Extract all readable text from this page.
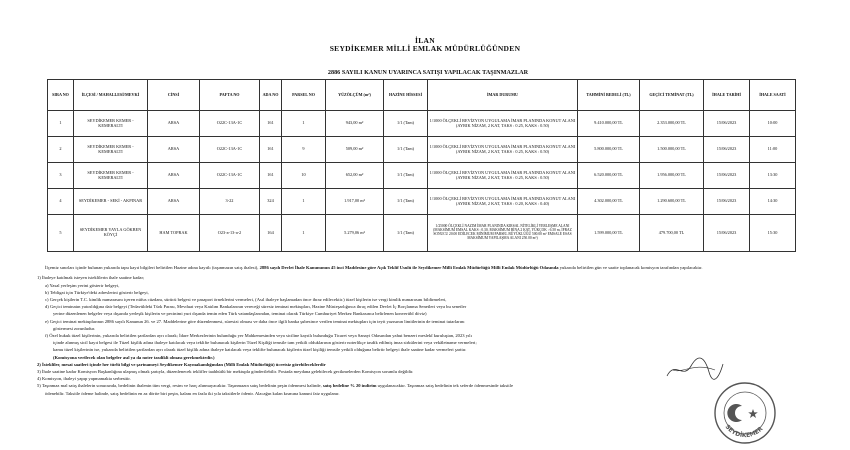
İLAN
SEYDİKEMER MİLLİ EMLAK MÜDÜRLÜĞÜNDEN
2886 SAYILI KANUN UYARINCA SATIŞI YAPILACAK TAŞINMAZLAR
SIRA NO	İLÇESİ / MAHALLESİ/MEVKİ	CİNSİ	PAFTA NO	ADA NO	PARSEL NO	YÜZÖLÇÜM (m²)	HAZİNE HİSSESİ	İMAR DURUMU	TAHMİNİ BEDELİ (TL)	GEÇİCİ TEMİNAT (TL)	İHALE TARİHİ	İHALE SAATİ
1	SEYDİKEMER KEMER - KEMERALTI	ARSA	O22C-13A-1C	161	1	943,00 m²	1/1 (Tam)	1/1000 ÖLÇEKLİ REVİZYON UYGULAMA İMAR PLANINDA KONUT ALANI (AYRIK NİZAM, 2 KAT, TAKS : 0.25, KAKS : 0.50)	9.410.000,00 TL	2.353.000,00 TL	15/06/2023	10:00
2	SEYDİKEMER KEMER - KEMERALTI	ARSA	O22C-13A-1C	161	9	509,00 m²	1/1 (Tam)	1/1000 ÖLÇEKLİ REVİZYON UYGULAMA İMAR PLANINDA KONUT ALANI (AYRIK NİZAM, 2 KAT, TAKS : 0.25, KAKS : 0.50)	5.800.000,00 TL	1.500.000,00 TL	15/06/2023	11:00
3	SEYDİKEMER KEMER - KEMERALTI	ARSA	O22C-13A-1C	161	10	652,00 m²	1/1 (Tam)	1/1000 ÖLÇEKLİ REVİZYON UYGULAMA İMAR PLANINDA KONUT ALANI (AYRIK NİZAM, 2 KAT, TAKS : 0.25, KAKS : 0.50)	6.520.000,00 TL	1.956.000,00 TL	15/06/2023	13:30
4	SEYDİKEMER - SEKİ - AKPINAR	ARSA	3-22	324	1	1.917,00 m²	1/1 (Tam)	1/1000 ÖLÇEKLİ REVİZYON UYGULAMA İMAR PLANINDA KONUT ALANI (AYRIK NİZAM, 2 KAT, TAKS : 0.20, KAKS : 0.40)	4.302.000,00 TL	1.290.600,00 TL	15/06/2023	14:30
5	SEYDİKEMER YAYLA GÖKBEN KÖYÇİ	HAM TOPRAK	O23-a-13-a-2	164	1	5.279,06 m²	1/1 (Tam)	1/25000 ÖLÇEKLİ NAZIM İMAR PLANINDA KIRSAL NİTELİKLİ YERLEŞME ALANI (MAKSİMUM EMSAL KAKS : 0.30, MAKSİMUM BİNA 2 KAT, YÜKÇOK : 6.50 m, İFRAZ SONUCU 20.00 EDİLECEK MİNİMUM PARSEL BÜYÜKLÜĞÜ 500.00 m² EMSALE ESAS MAKSİMUM YAPILAŞMA ALANI 250.00 m²)	1.599.000,00 TL	479.700,00 TL	15/06/2023	15:30

İlçemiz sınırları içinde bulunan yukarıda tapu kayıt bilgileri belirtilen Hazine adına kayıtlı (taşınmazın satış ihalesi), 2886 sayılı Devlet İhale Kanununun 45 inci Maddesine göre Açık Teklif Usulü ile Seydikemer Milli Emlak Müdürlüğü Milli Emlak Müdürlüğü Odasında yukarıda belirtilen gün ve saatte toplanacak komisyon tarafından yapılacaktır.

1) İhaleye katılmak isteyen isteklilerin ihale saatine kadar;

a) Yasal yerleşim yerini gösterir belgeyi,

b) Tebligat için Türkiye'deki adreslerini gösterir belgeyi,

c) Gerçek kişilerin T.C. kimlik numarasını içeren nüfus cüzdanı, sürücü belgesi ve pasaport örneklerini vermeleri, (Asıl ihaleye başlamadan önce ibraz edilecektir.) tüzel kişilerin ise vergi kimlik numarasını bildirmeleri,

d) Geçici teminatın yatırıldığına dair belgeyi (Tedavüldeki Türk Parası, Mevduat veya Katılım Bankalarının vereceği süresiz teminat mektupları, Hazine Müsteşarlığınca ihraç edilen Devlet İç Borçlanma Senetleri veya bu senetler

yerine düzenlenen belgeler veya dışarıda yerleşik kişilerin ve pecinimi yurt dışında temin eden Türk vatandaşlarından, teminat olarak Türkiye Cumhuriyet Merkez Bankasınca belirlenen konvertibl döviz)

e) Geçici teminat mektuplarının 2886 sayılı Kanunun 26. ve 27. Maddelerine göre düzenlenmesi, süresizi olması ve daha önce ilgili banka şubesince verilen teminat mektupları için teyit yazısının limitlerinin de teminat tutarlarını

göstermesi zorunludur.

f) Özel hukuk tüzel kişilerinin, yukarıda belirtilen şartlardan ayrı olarak; İdare Merkezlerinin bulunduğu yer Mahkemesinden veya siciline kayıtlı bulunduğu Ticaret veya Sanayi Odasından yahut benzeri meslekî kuruluştan, 2023 yılı

içinde alınmış sicil kayıt belgesi ile Tüzel kişilik adına ihaleye katılacak veya teklifte bulunacak kişilerin Tüzel Kişiliği temsile tam yetkili olduklarının gösterir noterlikçe tasdik edilmiş imza sirkülerini veya vekâletname vermeleri;

kamu tüzel kişilerinin ise, yukarıda belirtilen şartlardan ayrı olarak tüzel kişilik adına ihaleye katılacak veya teklifte bulunacak kişilerin tüzel kişiliği temsile yetkili olduğuna belirtir belgeyi ihale saatine kadar vermeleri şarttır.

(Komisyona verilecek olan belgeler asıl ya da noter tasdikli olması gerekmektedir.)

2) İstekliler, mesai saatleri içinde her türlü bilgi ve şartnameyi Seydikemer Kaymakamlığından (Milli Emlak Müdürlüğü) ücretsiz görebileceklerdir

3) İhale saatine kadar Komisyon Başkanlığına ulaşmış olmak şartıyla, düzenlenecek teklifler taahhütlü bir mektupla gönderilebilir. Postada meydana gelebilecek gecikmelerden Komisyon sorumlu değildir.

4) Komisyon, ihaleyi yapıp yapmamakta serbesttir.

5) Taşınmaz mal satış ihalelerin sonucunda, bedelinin ihalenin tüm vergi, resim ve harç alınmayacaktır. Taşınmazın satış bedelinin peşin ödenmesi halinde, satış bedeline % 20 indirim uygulanacaktır. Taşınmaz satış bedelinin tek seferde ödenmesinde taksitle

ödenebilir. Taksitle ödeme halinde, satış bedelinin en az dörtte biri peşin, kalanı en fazla iki yıla taksitlerle ödenir. Alacağın kalan kısmına kanuni faiz uygulanır.

SEYDİKEMER
